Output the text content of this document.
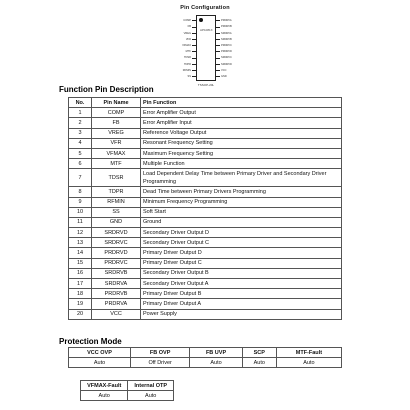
Pin Configuration
AP1081X
TSSOP-20L
COMP
FB
VREG
VFR
VFMAX
MTF
TDSR
TDPR
RFMIN
SS
PRDRVA
PRDRVB
SRDRVA
SRDRVB
PRDRVC
PRDRVD
SRDRVC
SRDRVD
VCC
GND
Function Pin Description
No.	Pin Name	Pin Function
1	COMP	Error Amplifier Output
2	FB	Error Amplifier Input
3	VREG	Reference Voltage Output
4	VFR	Resonant Frequency Setting
5	VFMAX	Maximum Frequency Setting
6	MTF	Multiple Function
7	TDSR	Load Dependent Delay Time between Primary Driver and Secondary Driver Programming
8	TDPR	Dead Time between Primary Drivers Programming
9	RFMIN	Minimum Frequency Programming
10	SS	Soft Start
11	GND	Ground
12	SRDRVD	Secondary Driver Output D
13	SRDRVC	Secondary Driver Output C
14	PRDRVD	Primary Driver Output D
15	PRDRVC	Primary Driver Output C
16	SRDRVB	Secondary Driver Output B
17	SRDRVA	Secondary Driver Output A
18	PRDRVB	Primary Driver Output B
19	PRDRVA	Primary Driver Output A
20	VCC	Power Supply
Protection Mode
VCC OVP	FB OVP	FB UVP	SCP	MTF-Fault
Auto	Off Driver	Auto	Auto	Auto
VFMAX-Fault	Internal OTP
Auto	Auto
